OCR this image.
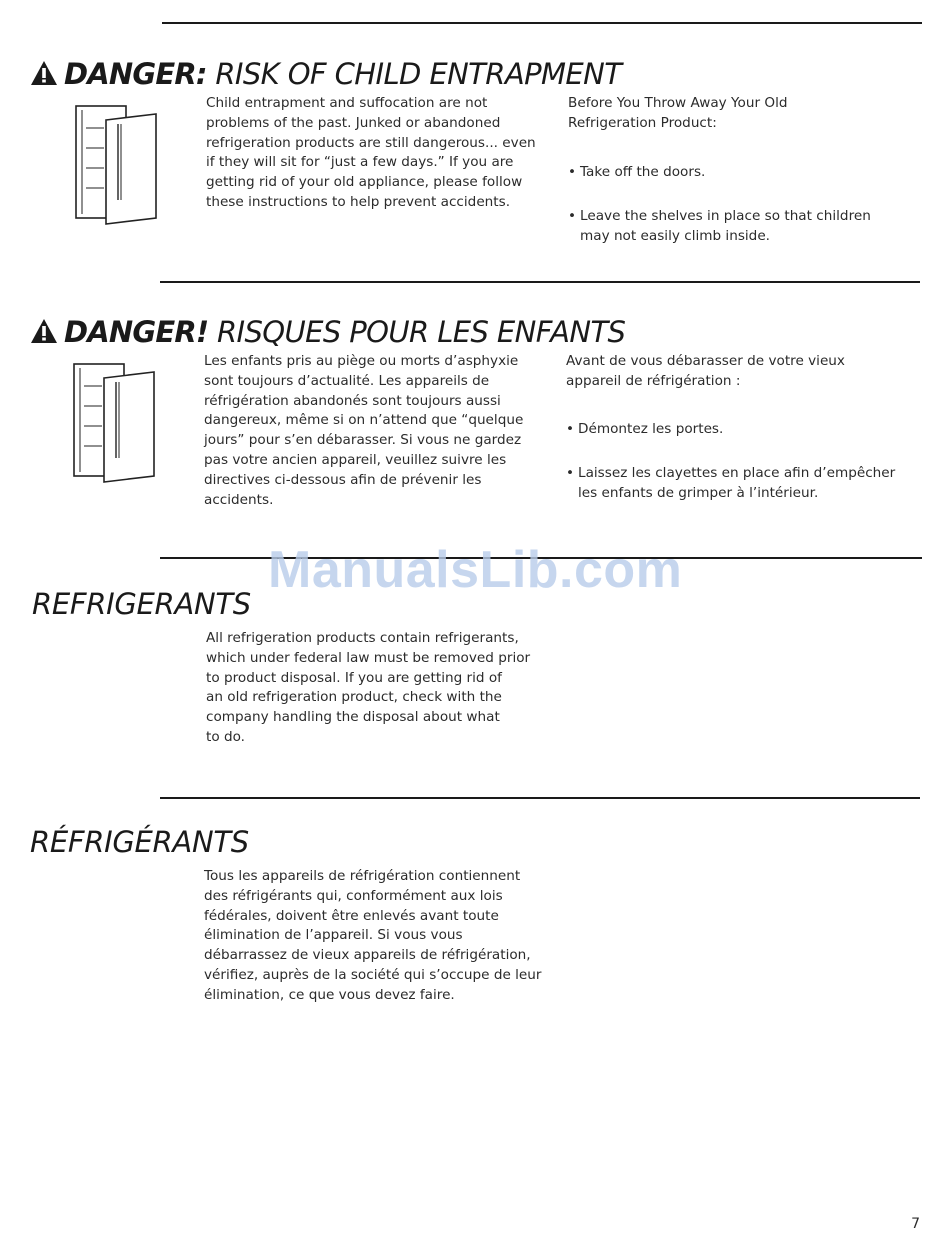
DANGER: RISK OF CHILD ENTRAPMENT

Child entrapment and suffocation are not
problems of the past. Junked or abandoned
refrigeration products are still dangerous... even
if they will sit for “just a few days.” If you are
getting rid of your old appliance, please follow
these instructions to help prevent accidents.

Before You Throw Away Your Old
Refrigeration Product:

• Take off the doors.

• Leave the shelves in place so that children
may not easily climb inside.

DANGER! RISQUES POUR LES ENFANTS

Les enfants pris au piège ou morts d’asphyxie
sont toujours d’actualité. Les appareils de
réfrigération abandonés sont toujours aussi
dangereux, même si on n’attend que “quelque
jours” pour s’en débarasser. Si vous ne gardez
pas votre ancien appareil, veuillez suivre les
directives ci-dessous afin de prévenir les
accidents.

Avant de vous débarasser de votre vieux
appareil de réfrigération :

• Démontez les portes.

• Laissez les clayettes en place afin d’empêcher
les enfants de grimper à l’intérieur.

ManualsLib.com
REFRIGERANTS

All refrigeration products contain refrigerants,
which under federal law must be removed prior
to product disposal. If you are getting rid of
an old refrigeration product, check with the
company handling the disposal about what
to do.

RÉFRIGÉRANTS

Tous les appareils de réfrigération contiennent
des réfrigérants qui, conformément aux lois
fédérales, doivent être enlevés avant toute
élimination de l’appareil. Si vous vous
débarrassez de vieux appareils de réfrigération,
vérifiez, auprès de la société qui s’occupe de leur
élimination, ce que vous devez faire.

7
